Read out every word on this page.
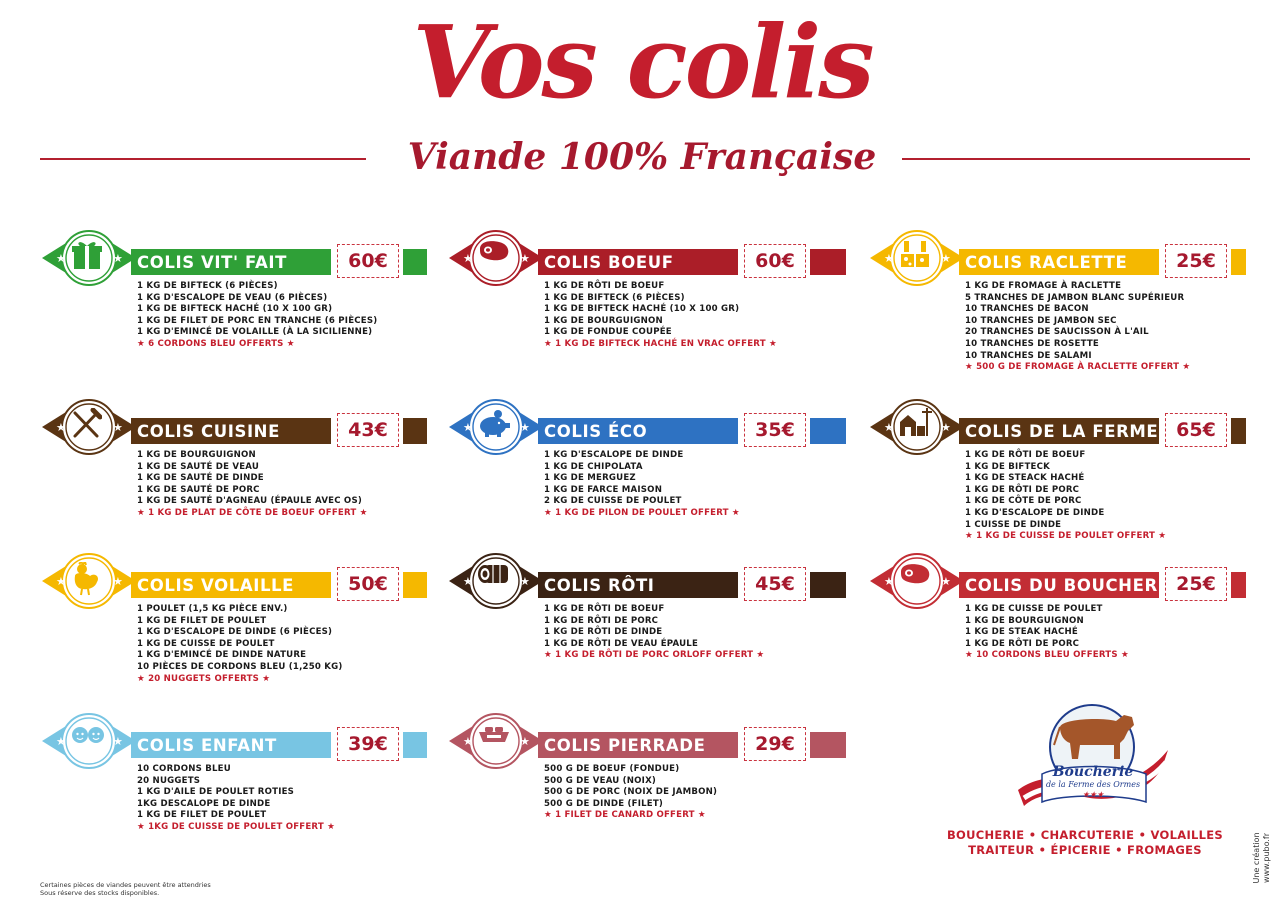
Vos colis
Viande 100% Française
★	★ COLIS VIT' FAIT	60€
1 KG DE BIFTECK (6 PIÈCES)
1 KG D'ESCALOPE DE VEAU (6 PIÈCES)
1 KG DE BIFTECK HACHÉ (10 X 100 GR)
1 KG DE FILET DE PORC EN TRANCHE (6 PIÈCES)
1 KG D'EMINCÉ DE VOLAILLE (À LA SICILIENNE)
★ 6 CORDONS BLEU OFFERTS ★
★	★ COLIS BOEUF	60€
1 KG DE RÔTI DE BOEUF
1 KG DE BIFTECK (6 PIÈCES)
1 KG DE BIFTECK HACHÉ (10 X 100 GR)
1 KG DE BOURGUIGNON
1 KG DE FONDUE COUPÉE
★ 1 KG DE BIFTECK HACHÉ EN VRAC OFFERT ★
★	★ COLIS RACLETTE	25€
1 KG DE FROMAGE À RACLETTE
5 TRANCHES DE JAMBON BLANC SUPÉRIEUR
10 TRANCHES DE BACON
10 TRANCHES DE JAMBON SEC
20 TRANCHES DE SAUCISSON À L'AIL
10 TRANCHES DE ROSETTE
10 TRANCHES DE SALAMI
★ 500 G DE FROMAGE À RACLETTE OFFERT ★
★	★ COLIS CUISINE	43€
1 KG DE BOURGUIGNON
1 KG DE SAUTÉ DE VEAU
1 KG DE SAUTÉ DE DINDE
1 KG DE SAUTÉ DE PORC
1 KG DE SAUTÉ D'AGNEAU (ÉPAULE AVEC OS)
★ 1 KG DE PLAT DE CÔTE DE BOEUF OFFERT ★
★	★ COLIS ÉCO	35€
1 KG D'ESCALOPE DE DINDE
1 KG DE CHIPOLATA
1 KG DE MERGUEZ
1 KG DE FARCE MAISON
2 KG DE CUISSE DE POULET
★ 1 KG DE PILON DE POULET OFFERT ★
★	★ COLIS DE LA FERME 65€
1 KG DE RÔTI DE BOEUF
1 KG DE BIFTECK
1 KG DE STEACK HACHÉ
1 KG DE RÔTI DE PORC
1 KG DE CÔTE DE PORC
1 KG D'ESCALOPE DE DINDE
1 CUISSE DE DINDE
★ 1 KG DE CUISSE DE POULET OFFERT ★
★	★ COLIS VOLAILLE	50€
1 POULET (1,5 KG PIÈCE ENV.)
1 KG DE FILET DE POULET
1 KG D'ESCALOPE DE DINDE (6 PIÈCES)
1 KG DE CUISSE DE POULET
1 KG D'EMINCÉ DE DINDE NATURE
10 PIÈCES DE CORDONS BLEU (1,250 KG)
★ 20 NUGGETS OFFERTS ★
★	★ COLIS RÔTI	45€
1 KG DE RÔTI DE BOEUF
1 KG DE RÔTI DE PORC
1 KG DE RÔTI DE DINDE
1 KG DE RÔTI DE VEAU ÉPAULE
★ 1 KG DE RÔTI DE PORC ORLOFF OFFERT ★
★	★ COLIS DU BOUCHER 25€
1 KG DE CUISSE DE POULET
1 KG DE BOURGUIGNON
1 KG DE STEAK HACHÉ
1 KG DE RÔTI DE PORC
★ 10 CORDONS BLEU OFFERTS ★
★	★ COLIS ENFANT	39€
10 CORDONS BLEU
20 NUGGETS
1 KG D'AILE DE POULET ROTIES
1KG DESCALOPE DE DINDE
1 KG DE FILET DE POULET
★ 1KG DE CUISSE DE POULET OFFERT ★
★	★ COLIS PIERRADE	29€
500 G DE BOEUF (FONDUE)
500 G DE VEAU (NOIX)
500 G DE PORC (NOIX DE JAMBON)
500 G DE DINDE (FILET)
★ 1 FILET DE CANARD OFFERT ★
Boucherie
de la Ferme des Ormes
★★★
BOUCHERIE • CHARCUTERIE • VOLAILLES
TRAITEUR • ÉPICERIE • FROMAGES
Certaines pièces de viandes peuvent être attendries
Sous réserve des stocks disponibles.
Une création www.pubo.fr
